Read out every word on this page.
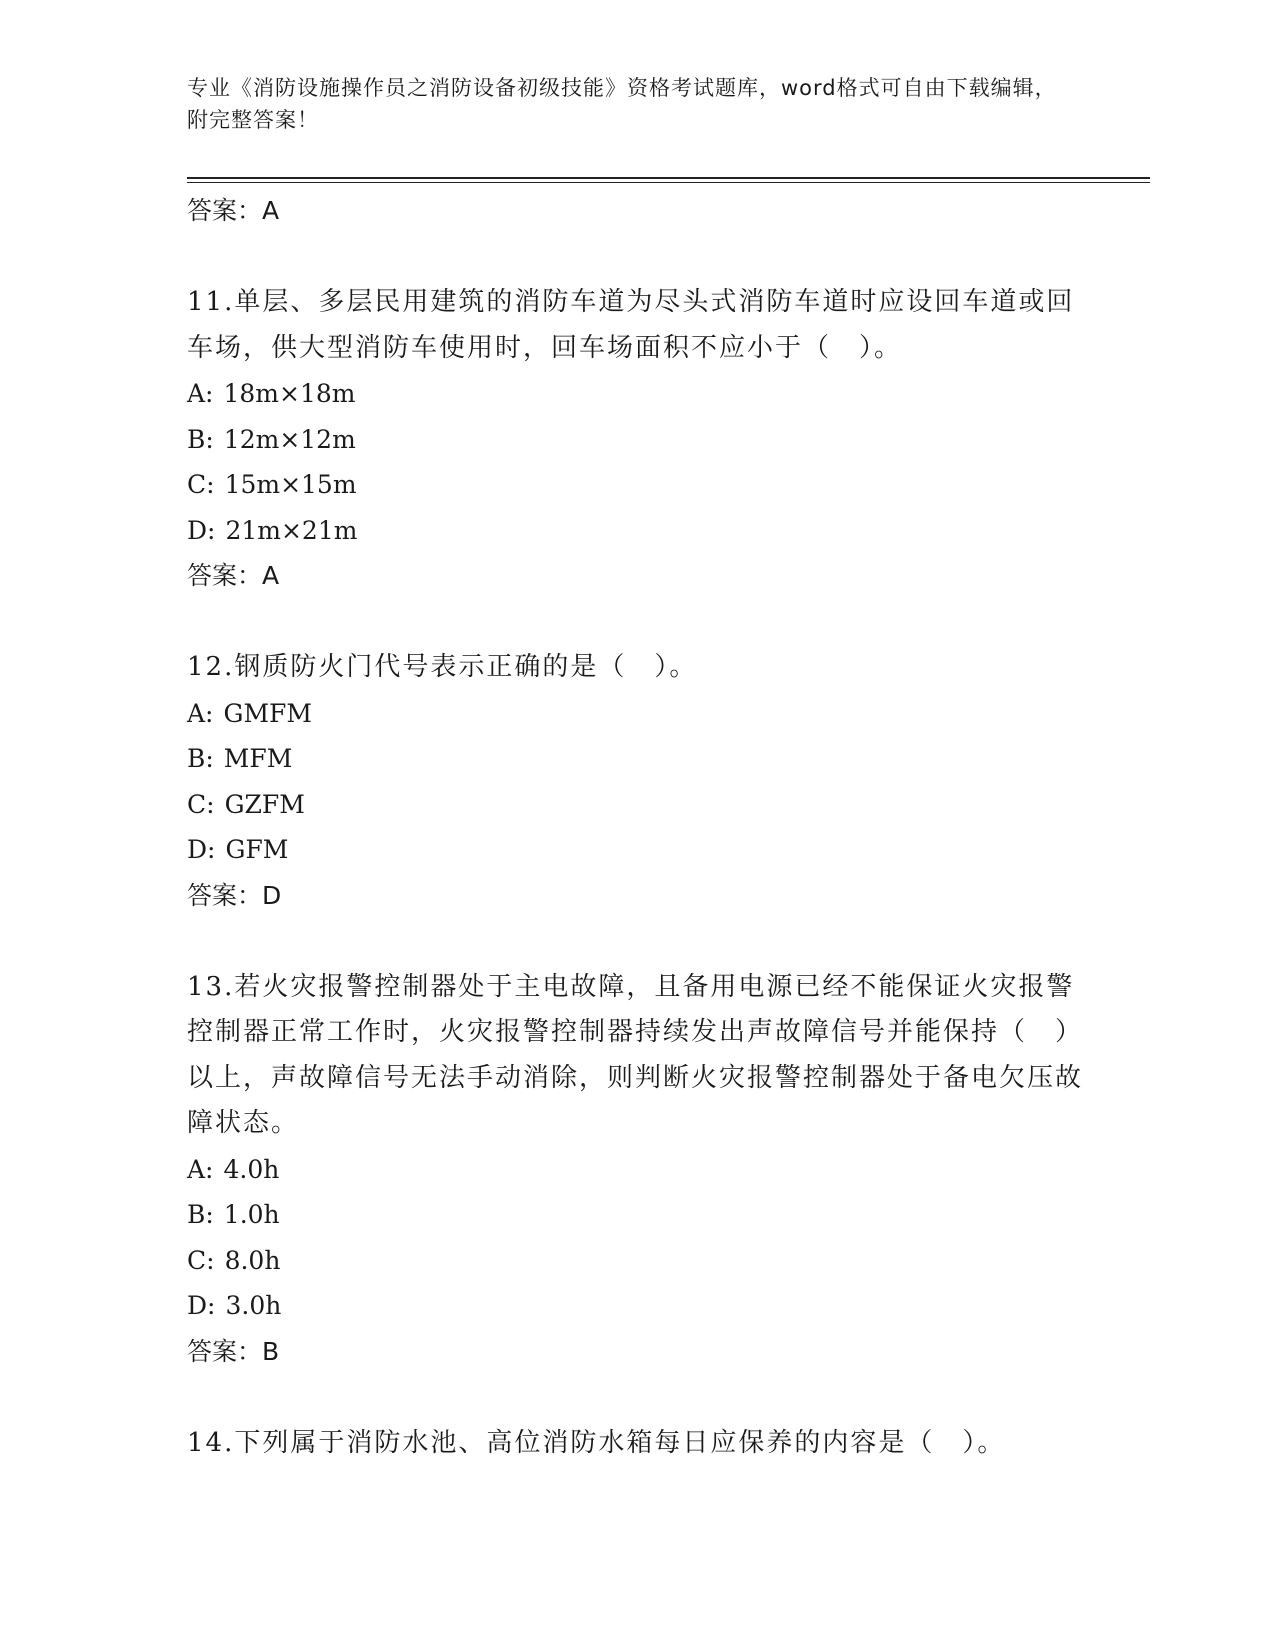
专业《消防设施操作员之消防设备初级技能》资格考试题库，word格式可自由下载编辑，附完整答案！
答案：A

11.单层、多层民用建筑的消防车道为尽头式消防车道时应设回车道或回车场，供大型消防车使用时，回车场面积不应小于（　）。

A: 18m×18m
B: 12m×12m
C: 15m×15m
D: 21m×21m
答案：A

12.钢质防火门代号表示正确的是（　）。

A: GMFM
B: MFM
C: GZFM
D: GFM
答案：D

13.若火灾报警控制器处于主电故障，且备用电源已经不能保证火灾报警控制器正常工作时，火灾报警控制器持续发出声故障信号并能保持（　）以上，声故障信号无法手动消除，则判断火灾报警控制器处于备电欠压故障状态。

A: 4.0h
B: 1.0h
C: 8.0h
D: 3.0h
答案：B

14.下列属于消防水池、高位消防水箱每日应保养的内容是（　）。
